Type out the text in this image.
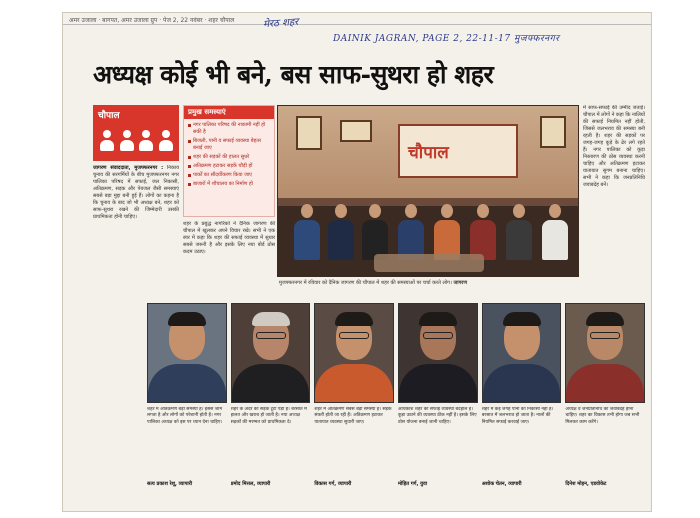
अमर उजाला · बागपत, अमर उजाला ग्रुप · पेज 2, 22 नवंबर · शहर चौपाल	मेरठ शहर
DAINIK JAGRAN, PAGE 2, 22-11-17 मुजफ्फरनगर
अध्यक्ष कोई भी बने, बस साफ-सुथरा हो शहर
चौपाल	प्रमुख समस्याएं
नगर पालिका परिषद की नाकामी नहीं हो सकी है
बिजली, पानी व सफाई व्यवस्था बेहतर बनाई जाए
शहर की सड़कों की हालत सुधरे
अतिक्रमण हटाकर सड़कें चौड़ी हों
पार्कों का सौंदर्यीकरण किया जाए
बाजारों में शौचालय का निर्माण हो
जागरण संवाददाता, मुजफ्फरनगर : निकाय चुनाव की सरगर्मियों के बीच मुजफ्फरनगर नगर पालिका परिषद में सफाई, जल निकासी, अतिक्रमण, सड़क और पेयजल जैसी समस्याएं सबसे बड़ा मुद्दा बनी हुई हैं। लोगों का कहना है कि चुनाव के बाद जो भी अध्यक्ष बने, शहर को साफ-सुथरा रखने की जिम्मेदारी उसकी प्राथमिकता होनी चाहिए।
शहर के प्रबुद्ध नागरिकों ने दैनिक जागरण की चौपाल में खुलकर अपने विचार रखे। सभी ने एक स्वर में कहा कि शहर की सफाई व्यवस्था में सुधार सबसे जरूरी है और इसके लिए नया बोर्ड ठोस कदम उठाए।
में साफ-सफाई की उम्मीद जताई। चौपाल में लोगों ने कहा कि नालियों की सफाई नियमित नहीं होती, जिससे जलभराव की समस्या बनी रहती है। शहर की सड़कों पर जगह-जगह कूड़े के ढेर लगे रहते हैं। नगर पालिका को कूड़ा निस्तारण की ठोस व्यवस्था करनी चाहिए और अतिक्रमण हटाकर यातायात सुगम बनाना चाहिए। सभी ने कहा कि जनप्रतिनिधि जवाबदेह बनें।
चौपाल
मुजफ्फरनगर में रविवार को दैनिक जागरण की चौपाल में शहर की समस्याओं पर चर्चा करते लोग। जागरण
शहर में अतिक्रमण बड़ी समस्या है। इससे जाम लगता है और लोगों को परेशानी होती है। नगर पालिका अध्यक्ष को इस पर ध्यान देना चाहिए।
सत्य प्रकाश रेशू, व्यापारी
शहर के अंदर की सड़कें टूटी पड़ी हैं। बरसात में हालत और खराब हो जाती है। नया अध्यक्ष सड़कों की मरम्मत को प्राथमिकता दे।
प्रमोद मित्तल, व्यापारी
शहर में अतिक्रमण सबसे बड़ी समस्या है। सड़कें संकरी होती जा रही हैं। अतिक्रमण हटाकर यातायात व्यवस्था सुधारी जाए।
विकास गर्ग, व्यापारी
अधिकांश शहर की सफाई व्यवस्था बदहाल है। कूड़ा उठाने की व्यवस्था ठीक नहीं है। इसके लिए ठोस योजना बनाई जानी चाहिए।
मोहित गर्ग, युवा
शहर में कई जगह पानी की निकासी नहीं है। बरसात में जलभराव हो जाता है। नालों की नियमित सफाई करवाई जाए।
अशोक चेतन, व्यापारी
अध्यक्ष व जनप्रतिनिधि को जवाबदेह होना चाहिए। शहर का विकास तभी होगा जब सभी मिलकर काम करेंगे।
दिनेश मोहन, एडवोकेट
